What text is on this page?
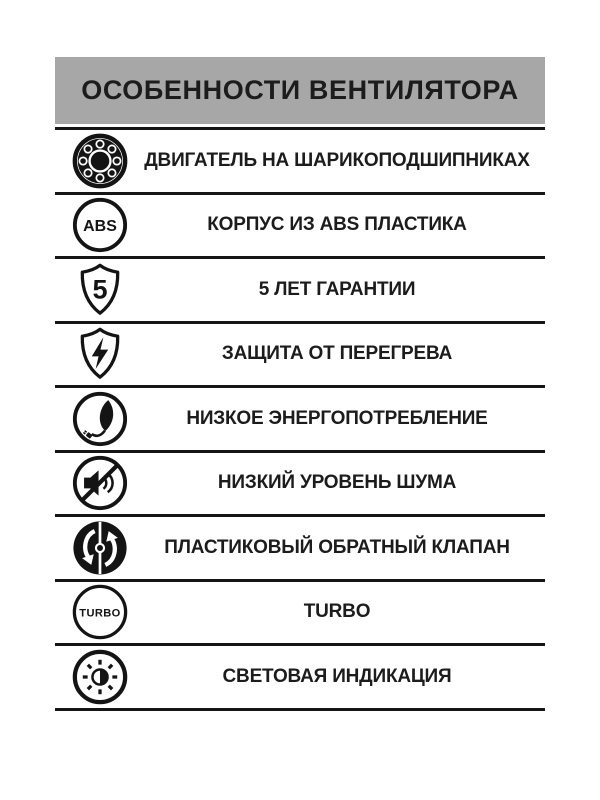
ОСОБЕННОСТИ ВЕНТИЛЯТОРА
ДВИГАТЕЛЬ НА ШАРИКОПОДШИПНИКАХ
ABS	КОРПУС ИЗ ABS ПЛАСТИКА
5	5 ЛЕТ ГАРАНТИИ
ЗАЩИТА ОТ ПЕРЕГРЕВА
НИЗКОЕ ЭНЕРГОПОТРЕБЛЕНИЕ
НИЗКИЙ УРОВЕНЬ ШУМА
ПЛАСТИКОВЫЙ ОБРАТНЫЙ КЛАПАН
TURBO	TURBO
СВЕТОВАЯ ИНДИКАЦИЯ
